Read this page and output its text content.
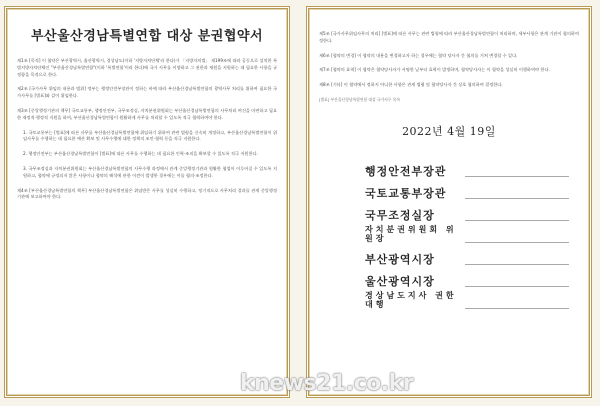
부산울산경남특별연합 대상 분권협약서

제1조 [목적] 이 협약은 부산광역시, 울산광역시, 경상남도(이하 '지방자치단체'라 한다)가 「지방자치법」 제199조에 따라 공동으로 설치한 특별지방자치단체인 "부산울산경남특별연합"(이하 '특별연합'이라 한다)에 국가 사무를 이양하고 그 권한과 재원을 지원하는 데 필요한 사항을 규정함을 목적으로 한다.

제2조 [국가사무 위임의 내용과 범위] 정부는 행정안전부장관이 정하는 바에 따라 부산울산경남특별연합의 광역사무 처리를 위하여 필요한 국가사무를 [별표]와 같이 위임한다.

제3조 [중앙행정기관의 책무] 국토교통부, 행정안전부, 국무조정실, 자치분권위원회는 부산울산경남특별연합의 사무처리 여건을 마련하고 필요한 재정적·행정적 지원을 하며, 부산울산경남특별연합이 원활하게 사무를 처리할 수 있도록 적극 협력하여야 한다.

1. 국토교통부는 [별표]에 따른 사무를 부산울산경남특별연합에 위임하기 위하여 관련 법령을 신속히 개정하고, 부산울산경남특별연합이 위임사무를 수행하는 데 필요한 예산 확보 및 사무수행에 대한 정책적 조언·협력 등을 적극 지원한다.

2. 행정안전부는 부산울산경남특별연합이 [별표]에 따른 사무를 수행하는 데 필요한 인력·조직을 확보할 수 있도록 적극 지원한다.

3. 국무조정실과 자치분권위원회는 부산울산경남특별연합의 사무수행 과정에서 관계 중앙행정기관과 원활한 협업이 이루어질 수 있도록 지원하고, 협약에 규정되지 않은 사항이나 협약의 해석에 관한 이견이 발생한 경우에는 이를 협의·조정한다.

제4조 [부산울산경남특별연합의 책무] 부산울산경남특별연합은 위임받은 사무를 성실히 수행하고, 정기적으로 사무처리 결과를 관계 중앙행정기관에 보고하여야 한다.

제5조 [국가사무위임사무의 처리] [별표]에 따른 사무는 관련 법령에 따라 부산울산경남특별연합이 처리하며, 세부사항은 관계 기관이 협의하여 정한다.

제6조 [협약의 변경] 이 협약의 내용을 변경하고자 하는 경우에는 협약 당사자 간 협의를 거쳐 변경할 수 있다.

제7조 [협약의 효력] 이 협약은 협약당사자가 서명한 날부터 효력이 발생하며, 협약당사자는 이 협약을 성실히 이행하여야 한다.

제8조 [기타] 이 협약에서 정하지 아니한 사항은 관계 법령 및 협약당사자 간 상호 협의하여 결정한다.

[별표] 부산울산경남특별연합 대상 국가사무 목록
2022년 4월 19일
행정안전부장관
국토교통부장관
국무조정실장
자치분권위원회 위원장
부산광역시장
울산광역시장
경상남도지사 권한대행
knews21.co.kr
